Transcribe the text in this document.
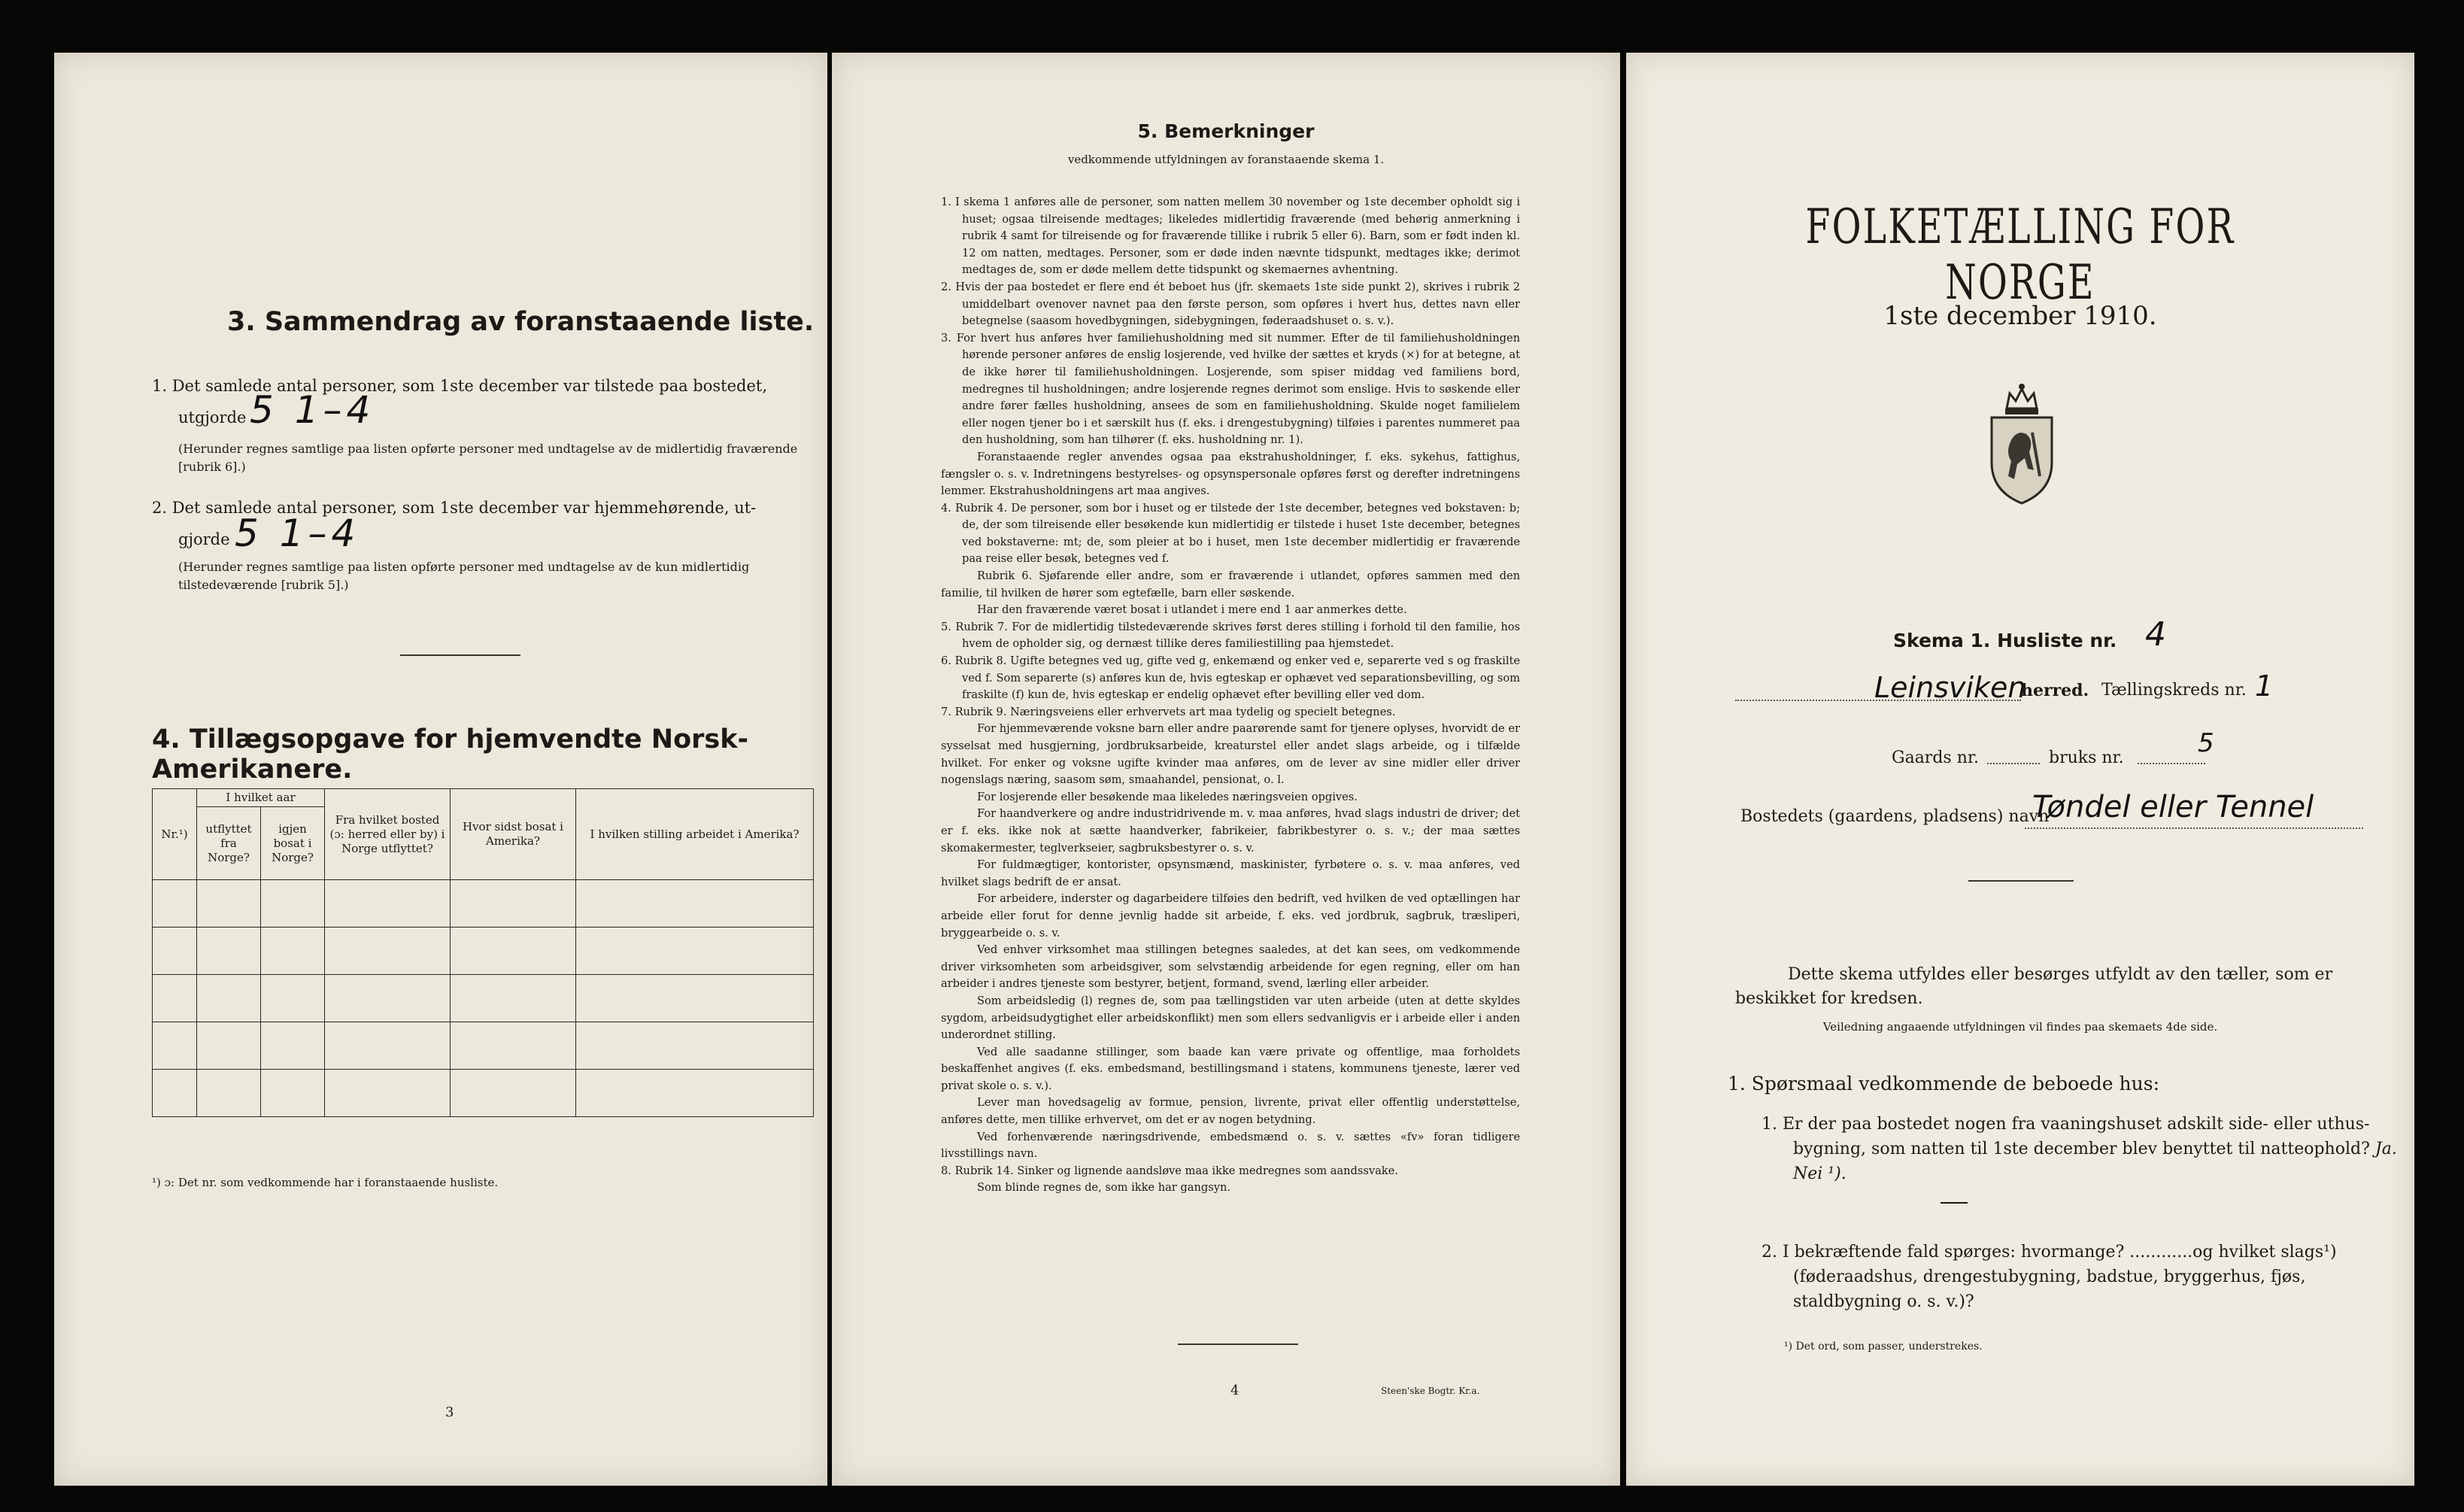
3. Sammendrag av foranstaaende liste.
1. Det samlede antal personer, som 1ste december var tilstede paa bostedet,
utgjorde 5 1–4
(Herunder regnes samtlige paa listen opførte personer med undtagelse av de midlertidig fraværende [rubrik 6].)
2. Det samlede antal personer, som 1ste december var hjemmehørende, ut-
gjorde 5 1–4
(Herunder regnes samtlige paa listen opførte personer med undtagelse av de kun midlertidig tilstedeværende [rubrik 5].)
4. Tillægsopgave for hjemvendte Norsk-Amerikanere.
Nr.¹)	I hvilket aar		Fra hvilket bosted (ɔ: herred eller by) i Norge utflyttet?	Hvor sidst bosat i Amerika?	I hvilken stilling arbeidet i Amerika?
	utflyttet fra Norge?	igjen bosat i Norge?			

¹) ɔ: Det nr. som vedkommende har i foranstaaende husliste.
3
5. Bemerkninger
vedkommende utfyldningen av foranstaaende skema 1.

1. I skema 1 anføres alle de personer, som natten mellem 30 november og 1ste december opholdt sig i huset; ogsaa tilreisende medtages; likeledes midlertidig fraværende (med behørig anmerkning i rubrik 4 samt for tilreisende og for fraværende tillike i rubrik 5 eller 6). Barn, som er født inden kl. 12 om natten, medtages. Personer, som er døde inden nævnte tidspunkt, medtages ikke; derimot medtages de, som er døde mellem dette tidspunkt og skemaernes avhentning.

2. Hvis der paa bostedet er flere end ét beboet hus (jfr. skemaets 1ste side punkt 2), skrives i rubrik 2 umiddelbart ovenover navnet paa den første person, som opføres i hvert hus, dettes navn eller betegnelse (saasom hovedbygningen, sidebygningen, føderaadshuset o. s. v.).

3. For hvert hus anføres hver familiehusholdning med sit nummer. Efter de til familiehusholdningen hørende personer anføres de enslig losjerende, ved hvilke der sættes et kryds (×) for at betegne, at de ikke hører til familiehusholdningen. Losjerende, som spiser middag ved familiens bord, medregnes til husholdningen; andre losjerende regnes derimot som enslige. Hvis to søskende eller andre fører fælles husholdning, ansees de som en familiehusholdning. Skulde noget familielem eller nogen tjener bo i et særskilt hus (f. eks. i drengestubygning) tilføies i parentes nummeret paa den husholdning, som han tilhører (f. eks. husholdning nr. 1).

Foranstaaende regler anvendes ogsaa paa ekstrahusholdninger, f. eks. sykehus, fattighus, fængsler o. s. v. Indretningens bestyrelses- og opsynspersonale opføres først og derefter indretningens lemmer. Ekstrahusholdningens art maa angives.

4. Rubrik 4. De personer, som bor i huset og er tilstede der 1ste december, betegnes ved bokstaven: b; de, der som tilreisende eller besøkende kun midlertidig er tilstede i huset 1ste december, betegnes ved bokstaverne: mt; de, som pleier at bo i huset, men 1ste december midlertidig er fraværende paa reise eller besøk, betegnes ved f.

Rubrik 6. Sjøfarende eller andre, som er fraværende i utlandet, opføres sammen med den familie, til hvilken de hører som egtefælle, barn eller søskende.

Har den fraværende været bosat i utlandet i mere end 1 aar anmerkes dette.

5. Rubrik 7. For de midlertidig tilstedeværende skrives først deres stilling i forhold til den familie, hos hvem de opholder sig, og dernæst tillike deres familiestilling paa hjemstedet.

6. Rubrik 8. Ugifte betegnes ved ug, gifte ved g, enkemænd og enker ved e, separerte ved s og fraskilte ved f. Som separerte (s) anføres kun de, hvis egteskap er ophævet ved separationsbevilling, og som fraskilte (f) kun de, hvis egteskap er endelig ophævet efter bevilling eller ved dom.

7. Rubrik 9. Næringsveiens eller erhvervets art maa tydelig og specielt betegnes.

For hjemmeværende voksne barn eller andre paarørende samt for tjenere oplyses, hvorvidt de er sysselsat med husgjerning, jordbruksarbeide, kreaturstel eller andet slags arbeide, og i tilfælde hvilket. For enker og voksne ugifte kvinder maa anføres, om de lever av sine midler eller driver nogenslags næring, saasom søm, smaahandel, pensionat, o. l.

For losjerende eller besøkende maa likeledes næringsveien opgives.

For haandverkere og andre industridrivende m. v. maa anføres, hvad slags industri de driver; det er f. eks. ikke nok at sætte haandverker, fabrikeier, fabrikbestyrer o. s. v.; der maa sættes skomakermester, teglverkseier, sagbruksbestyrer o. s. v.

For fuldmægtiger, kontorister, opsynsmænd, maskinister, fyrbøtere o. s. v. maa anføres, ved hvilket slags bedrift de er ansat.

For arbeidere, inderster og dagarbeidere tilføies den bedrift, ved hvilken de ved optællingen har arbeide eller forut for denne jevnlig hadde sit arbeide, f. eks. ved jordbruk, sagbruk, træsliperi, bryggearbeide o. s. v.

Ved enhver virksomhet maa stillingen betegnes saaledes, at det kan sees, om vedkommende driver virksomheten som arbeidsgiver, som selvstændig arbeidende for egen regning, eller om han arbeider i andres tjeneste som bestyrer, betjent, formand, svend, lærling eller arbeider.

Som arbeidsledig (l) regnes de, som paa tællingstiden var uten arbeide (uten at dette skyldes sygdom, arbeidsudygtighet eller arbeidskonflikt) men som ellers sedvanligvis er i arbeide eller i anden underordnet stilling.

Ved alle saadanne stillinger, som baade kan være private og offentlige, maa forholdets beskaffenhet angives (f. eks. embedsmand, bestillingsmand i statens, kommunens tjeneste, lærer ved privat skole o. s. v.).

Lever man hovedsagelig av formue, pension, livrente, privat eller offentlig understøttelse, anføres dette, men tillike erhvervet, om det er av nogen betydning.

Ved forhenværende næringsdrivende, embedsmænd o. s. v. sættes «fv» foran tidligere livsstillings navn.

8. Rubrik 14. Sinker og lignende aandsløve maa ikke medregnes som aandssvake.

Som blinde regnes de, som ikke har gangsyn.

4	Steen'ske Bogtr. Kr.a.
FOLKETÆLLING FOR NORGE
1ste december 1910.
Skema 1. Husliste nr. 4
Leinsviken
herred. Tællingskreds nr. 1
Gaards nr.	bruks nr.	5
Bostedets (gaardens, pladsens) navn
Tøndel eller Tennel
Dette skema utfyldes eller besørges utfyldt av den tæller, som er beskikket for kredsen.
Veiledning angaaende utfyldningen vil findes paa skemaets 4de side.
1. Spørsmaal vedkommende de beboede hus:
1. Er der paa bostedet nogen fra vaaningshuset adskilt side- eller uthus-bygning, som natten til 1ste december blev benyttet til natteophold? Ja. Nei ¹).
2. I bekræftende fald spørges: hvormange? ............og hvilket slags¹) (føderaadshus, drengestubygning, badstue, bryggerhus, fjøs, staldbygning o. s. v.)?
¹) Det ord, som passer, understrekes.
